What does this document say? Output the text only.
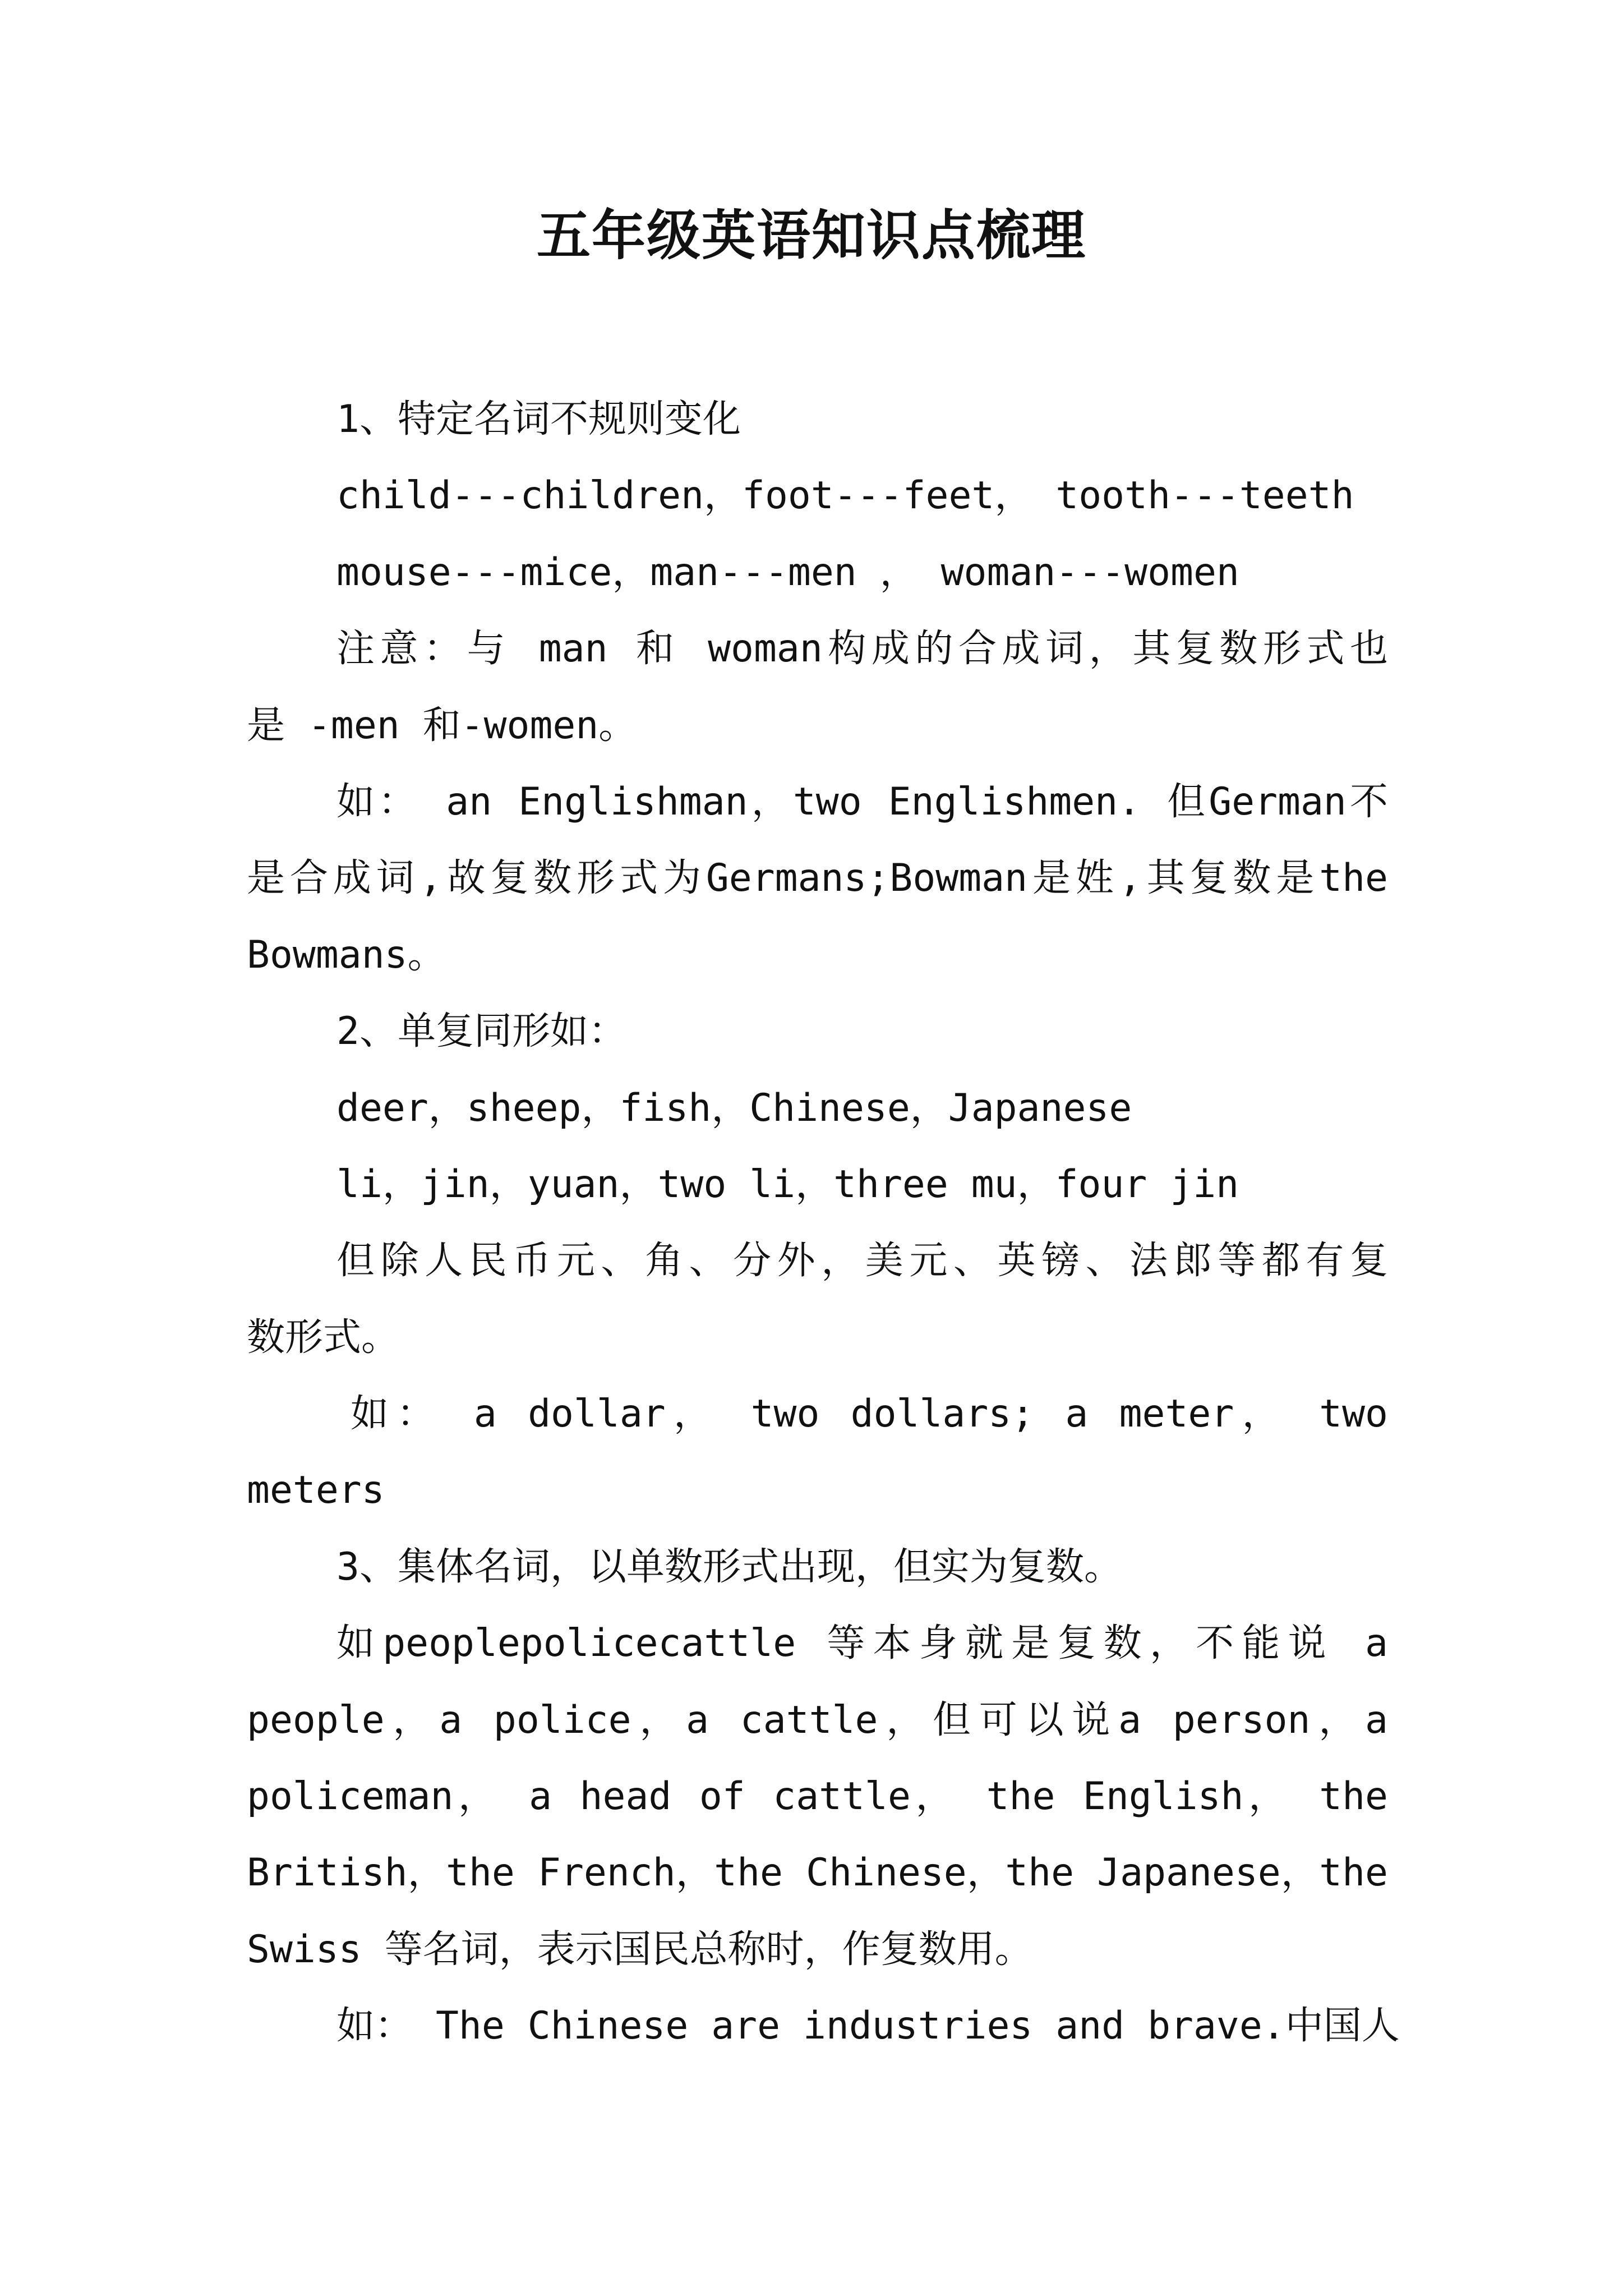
五年级英语知识点梳理
1、特定名词不规则变化
child---children，foot---feet， tooth---teeth
mouse---mice，man---men ， woman---women
注意：与 man 和 woman构成的合成词，其复数形式也
是 -men 和-women。
如： an Englishman，two Englishmen. 但German不
是合成词,故复数形式为Germans;Bowman是姓,其复数是the
Bowmans。
2、单复同形如：
deer，sheep，fish，Chinese，Japanese
li，jin，yuan，two li，three mu，four jin
但除人民币元、角、分外，美元、英镑、法郎等都有复
数形式。
如： a dollar， two dollars; a meter， two
meters
3、集体名词，以单数形式出现，但实为复数。
如peoplepolicecattle 等本身就是复数，不能说 a
people，a police，a cattle，但可以说a person，a
policeman， a head of cattle， the English， the
British，the French，the Chinese，the Japanese，the
Swiss 等名词，表示国民总称时，作复数用。
如： The Chinese are industries and brave.中国人
